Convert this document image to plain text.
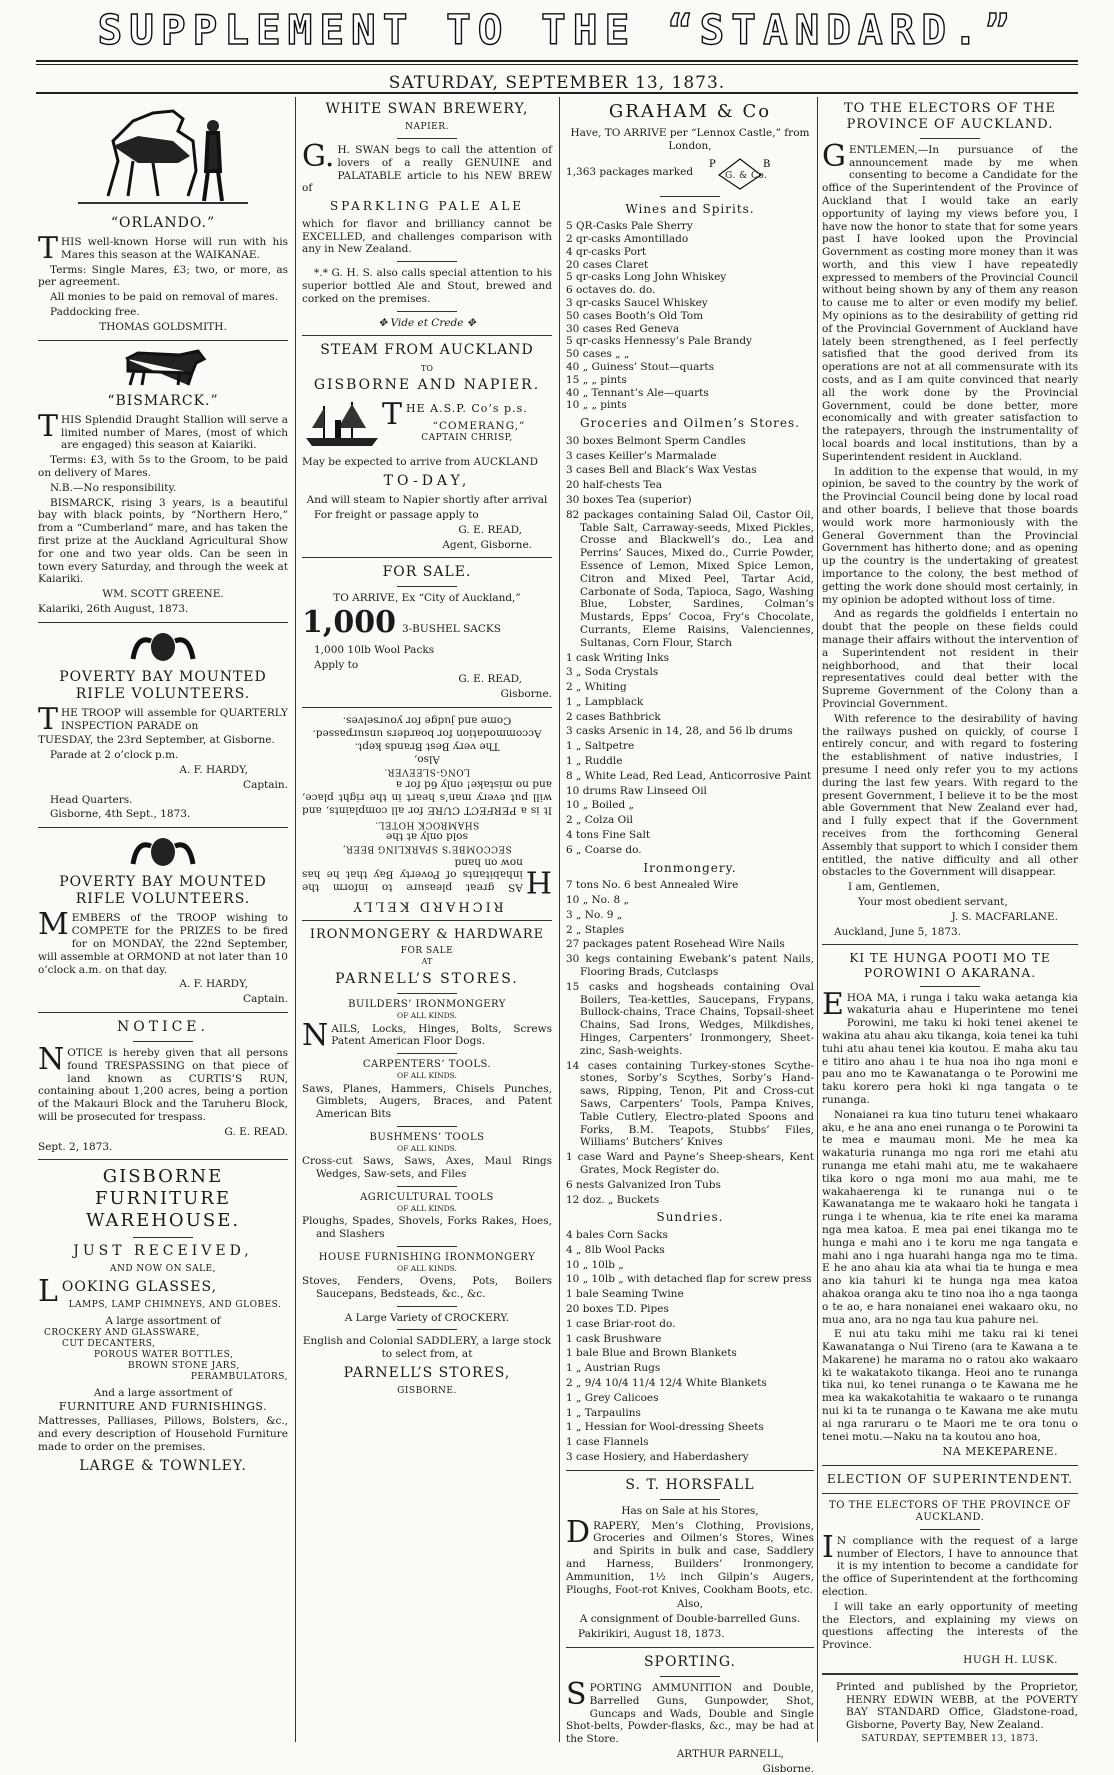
SUPPLEMENT TO THE “STANDARD.”
SATURDAY, SEPTEMBER 13, 1873.
“ORLANDO.”

THIS well-known Horse will run with his Mares this season at the WAIKANAE.

Terms: Single Mares, £3; two, or more, as per agreement.

All monies to be paid on removal of mares.

Paddocking free.

THOMAS GOLDSMITH.

“BISMARCK.”

THIS Splendid Draught Stallion will serve a limited number of Mares, (most of which are engaged) this season at Kaiariki.

Terms: £3, with 5s to the Groom, to be paid on delivery of Mares.

N.B.—No responsibility.

BISMARCK, rising 3 years, is a beautiful bay with black points, by “Northern Hero,” from a “Cumberland” mare, and has taken the first prize at the Auckland Agricultural Show for one and two year olds. Can be seen in town every Saturday, and through the week at Kaiariki.

WM. SCOTT GREENE.

Kaiariki, 26th August, 1873.

POVERTY BAY MOUNTED RIFLE VOLUNTEERS.

THE TROOP will assemble for QUARTERLY INSPECTION PARADE on

TUESDAY, the 23rd September, at Gisborne.

Parade at 2 o’clock p.m.

A. F. HARDY,

Captain.

Head Quarters.

Gisborne, 4th Sept., 1873.

POVERTY BAY MOUNTED RIFLE VOLUNTEERS.

MEMBERS of the TROOP wishing to COMPETE for the PRIZES to be fired for on MONDAY, the 22nd September, will assemble at ORMOND at not later than 10 o’clock a.m. on that day.

A. F. HARDY,

Captain.

NOTICE.

NOTICE is hereby given that all persons found TRESPASSING on that piece of land known as CURTIS’S RUN, containing about 1,200 acres, being a portion of the Makauri Block and the Taruheru Block, will be prosecuted for trespass.

G. E. READ.

Sept. 2, 1873.

GISBORNE FURNITURE WAREHOUSE.
JUST RECEIVED,
AND NOW ON SALE,
LOOKING GLASSES,
LAMPS, LAMP CHIMNEYS, AND GLOBES.
A large assortment of
CROCKERY AND GLASSWARE,
CUT DECANTERS,
POROUS WATER BOTTLES,
BROWN STONE JARS,
PERAMBULATORS,
And a large assortment of
FURNITURE AND FURNISHINGS.

Mattresses, Palliases, Pillows, Bolsters, &c., and every description of Household Furniture made to order on the premises.

LARGE & TOWNLEY.
WHITE SWAN BREWERY,
NAPIER.

G.H. SWAN begs to call the attention of lovers of a really GENUINE and PALATABLE article to his NEW BREW of

SPARKLING PALE ALE

which for flavor and brilliancy cannot be EXCELLED, and challenges comparison with any in New Zealand.

*.* G. H. S. also calls special attention to his superior bottled Ale and Stout, brewed and corked on the premises.

✥ Vide et Crede ✥
STEAM FROM AUCKLAND
TO
GISBORNE AND NAPIER.
THE A.S.P. Co’s p.s.
“COMERANG,”
CAPTAIN CHRISP,

May be expected to arrive from AUCKLAND

TO-DAY,

And will steam to Napier shortly after arrival

For freight or passage apply to

G. E. READ,

Agent, Gisborne.

FOR SALE.
TO ARRIVE, Ex “City of Auckland,”
1,000 3-BUSHEL SACKS

1,000 10lb Wool Packs

Apply to

G. E. READ,

Gisborne.

RICHARD KELLY

HAS great pleasure to inform the inhabitants of Poverty Bay that he has now on hand

SECCOMBE’S SPARKLING BEER,
sold only at the
SHAMROCK HOTEL.

It is a PERFECT CURE for all complaints, and will put every man’s heart in the right place, and no mistake! only 6d for a

LONG-SLEEVER.
Also,
The very Best Brands kept.
Accommodation for boarders unsurpassed.
Come and judge for yourselves.
IRONMONGERY & HARDWARE
FOR SALE
AT
PARNELL’S STORES.
BUILDERS’ IRONMONGERY
OF ALL KINDS.

NAILS, Locks, Hinges, Bolts, Screws Patent American Floor Dogs.

CARPENTERS’ TOOLS.
OF ALL KINDS.

Saws, Planes, Hammers, Chisels Punches, Gimblets, Augers, Braces, and Patent American Bits

BUSHMENS’ TOOLS
OF ALL KINDS.

Cross-cut Saws, Saws, Axes, Maul Rings Wedges, Saw-sets, and Files

AGRICULTURAL TOOLS
OF ALL KINDS.

Ploughs, Spades, Shovels, Forks Rakes, Hoes, and Slashers

HOUSE FURNISHING IRONMONGERY
OF ALL KINDS.

Stoves, Fenders, Ovens, Pots, Boilers Saucepans, Bedsteads, &c., &c.

A Large Variety of CROCKERY.

English and Colonial SADDLERY, a large stock to select from, at

PARNELL’S STORES,
GISBORNE.
GRAHAM & Co

Have, TO ARRIVE per “Lennox Castle,” from London,

1,363 packages marked
P	B
G. & Co.
Wines and Spirits.
5 QR-Casks Pale Sherry
2 qr-casks Amontillado
4 qr-casks Port
20 cases Claret
5 qr-casks Long John Whiskey
6 octaves do. do.
3 qr-casks Saucel Whiskey
50 cases Booth’s Old Tom
30 cases Red Geneva
5 qr-casks Hennessy’s Pale Brandy
50 cases „ „
40 „ Guiness’ Stout—quarts
15 „ „ pints
40 „ Tennant’s Ale—quarts
10 „ „ pints
Groceries and Oilmen’s Stores.

30 boxes Belmont Sperm Candles

3 cases Keiller’s Marmalade

3 cases Bell and Black’s Wax Vestas

20 half-chests Tea

30 boxes Tea (superior)

82 packages containing Salad Oil, Castor Oil, Table Salt, Carraway-seeds, Mixed Pickles, Crosse and Blackwell’s do., Lea and Perrins’ Sauces, Mixed do., Currie Powder, Essence of Lemon, Mixed Spice Lemon, Citron and Mixed Peel, Tartar Acid, Carbonate of Soda, Tapioca, Sago, Washing Blue, Lobster, Sardines, Colman’s Mustards, Epps’ Cocoa, Fry’s Chocolate, Currants, Eleme Raisins, Valenciennes, Sultanas, Corn Flour, Starch

1 cask Writing Inks

3 „ Soda Crystals

2 „ Whiting

1 „ Lampblack

2 cases Bathbrick

3 casks Arsenic in 14, 28, and 56 lb drums

1 „ Saltpetre

1 „ Ruddle

8 „ White Lead, Red Lead, Anticorrosive Paint

10 drums Raw Linseed Oil

10 „ Boiled „

2 „ Colza Oil

4 tons Fine Salt

6 „ Coarse do.

Ironmongery.

7 tons No. 6 best Annealed Wire

10 „ No. 8 „

3 „ No. 9 „

2 „ Staples

27 packages patent Rosehead Wire Nails

30 kegs containing Ewebank’s patent Nails, Flooring Brads, Cutclasps

15 casks and hogsheads containing Oval Boilers, Tea-kettles, Saucepans, Frypans, Bullock-chains, Trace Chains, Topsail-sheet Chains, Sad Irons, Wedges, Milkdishes, Hinges, Carpenters’ Ironmongery, Sheet-zinc, Sash-weights.

14 cases containing Turkey-stones Scythe-stones, Sorby’s Scythes, Sorby’s Hand-saws, Ripping, Tenon, Pit and Cross-cut Saws, Carpenters’ Tools, Pampa Knives, Table Cutlery, Electro-plated Spoons and Forks, B.M. Teapots, Stubbs’ Files, Williams’ Butchers’ Knives

1 case Ward and Payne’s Sheep-shears, Kent Grates, Mock Register do.

6 nests Galvanized Iron Tubs

12 doz. „ Buckets

Sundries.

4 bales Corn Sacks

4 „ 8lb Wool Packs

10 „ 10lb „

10 „ 10lb „ with detached flap for screw press

1 bale Seaming Twine

20 boxes T.D. Pipes

1 case Briar-root do.

1 cask Brushware

1 bale Blue and Brown Blankets

1 „ Austrian Rugs

2 „ 9/4 10/4 11/4 12/4 White Blankets

1 „ Grey Calicoes

1 „ Tarpaulins

1 „ Hessian for Wool-dressing Sheets

1 case Flannels

3 case Hosiery, and Haberdashery

S. T. HORSFALL
Has on Sale at his Stores,

DRAPERY, Men’s Clothing, Provisions, Groceries and Oilmen’s Stores, Wines and Spirits in bulk and case, Saddlery and Harness, Builders’ Ironmongery, Ammunition, 1½ inch Gilpin’s Augers, Ploughs, Foot-rot Knives, Cookham Boots, etc.

Also,

A consignment of Double-barrelled Guns.

Pakirikiri, August 18, 1873.

SPORTING.

SPORTING AMMUNITION and Double, Barrelled Guns, Gunpowder, Shot, Guncaps and Wads, Double and Single Shot-belts, Powder-flasks, &c., may be had at the Store.

ARTHUR PARNELL,

Gisborne.

TO THE ELECTORS OF THE PROVINCE OF AUCKLAND.

GENTLEMEN,—In pursuance of the announcement made by me when consenting to become a Candidate for the office of the Superintendent of the Province of Auckland that I would take an early opportunity of laying my views before you, I have now the honor to state that for some years past I have looked upon the Provincial Government as costing more money than it was worth, and this view I have repeatedly expressed to members of the Provincial Council without being shown by any of them any reason to cause me to alter or even modify my belief. My opinions as to the desirability of getting rid of the Provincial Government of Auckland have lately been strengthened, as I feel perfectly satisfied that the good derived from its operations are not at all commensurate with its costs, and as I am quite convinced that nearly all the work done by the Provincial Government, could be done better, more economically and with greater satisfaction to the ratepayers, through the instrumentality of local boards and local institutions, than by a Superintendent resident in Auckland.

In addition to the expense that would, in my opinion, be saved to the country by the work of the Provincial Council being done by local road and other boards, I believe that those boards would work more harmoniously with the General Government than the Provincial Government has hitherto done; and as opening up the country is the undertaking of greatest importance to the colony, the best method of getting the work done should most certainly, in my opinion be adopted without loss of time.

And as regards the goldfields I entertain no doubt that the people on these fields could manage their affairs without the intervention of a Superintendent not resident in their neighborhood, and that their local representatives could deal better with the Supreme Government of the Colony than a Provincial Government.

With reference to the desirability of having the railways pushed on quickly, of course I entirely concur, and with regard to fostering the establishment of native industries, I presume I need only refer you to my actions during the last few years. With regard to the present Government, I believe it to be the most able Government that New Zealand ever had, and I fully expect that if the Government receives from the forthcoming General Assembly that support to which I consider them entitled, the native difficulty and all other obstacles to the Government will disappear.

I am, Gentlemen,

Your most obedient servant,

J. S. MACFARLANE.

Auckland, June 5, 1873.

KI TE HUNGA POOTI MO TE POROWINI O AKARANA.

EHOA MA, i runga i taku waka aetanga kia wakaturia ahau e Huperintene mo tenei Porowini, me taku ki hoki tenei akenei te wakina atu ahau aku tikanga, koia tenei ka tuhi tuhi atu ahau tenei kia koutou. E maha aku tau e titiro ano ahau i te hua noa iho nga moni e pau ano mo te Kawanatanga o te Porowini me taku korero pera hoki ki nga tangata o te runanga.

Nonaianei ra kua tino tuturu tenei whakaaro aku, e he ana ano enei runanga o te Porowini ta te mea e maumau moni. Me he mea ka wakaturia runanga mo nga rori me etahi atu runanga me etahi mahi atu, me te wakahaere tika koro o nga moni mo aua mahi, me te wakahaerenga ki te runanga nui o te Kawanatanga me te wakaaro hoki he tangata i runga i te whenua, kia te rite enei ka marama nga mea katoa. E mea pai enei tikanga mo te hunga e mahi ano i te koru me nga tangata e mahi ano i nga huarahi hanga nga mo te tima. E he ano ahau kia ata whai tia te hunga e mea ano kia tahuri ki te hunga nga mea katoa ahakoa oranga aku te tino noa iho a nga taonga o te ao, e hara nonaianei enei wakaaro oku, no mua ano, ara no nga tau kua pahure nei.

E nui atu taku mihi me taku rai ki tenei Kawanatanga o Nui Tireno (ara te Kawana a te Makarene) he marama no o ratou ako wakaaro ki te wakatakoto tikanga. Heoi ano te runanga tika nui, ko tenei runanga o te Kawana me he mea ka wakakotahitia te wakaaro o te runanga nui ki ta te runanga o te Kawana me ake mutu ai nga raruraru o te Maori me te ora tonu o tenei motu.—Naku na ta koutou ano hoa,

NA MEKEPARENE.

ELECTION OF SUPERINTENDENT.
TO THE ELECTORS OF THE PROVINCE OF AUCKLAND.

IN compliance with the request of a large number of Electors, I have to announce that it is my intention to become a candidate for the office of Superintendent at the forthcoming election.

I will take an early opportunity of meeting the Electors, and explaining my views on questions affecting the interests of the Province.

HUGH H. LUSK.

Printed and published by the Proprietor, HENRY EDWIN WEBB, at the POVERTY BAY STANDARD Office, Gladstone-road, Gisborne, Poverty Bay, New Zealand.

SATURDAY, SEPTEMBER 13, 1873.
